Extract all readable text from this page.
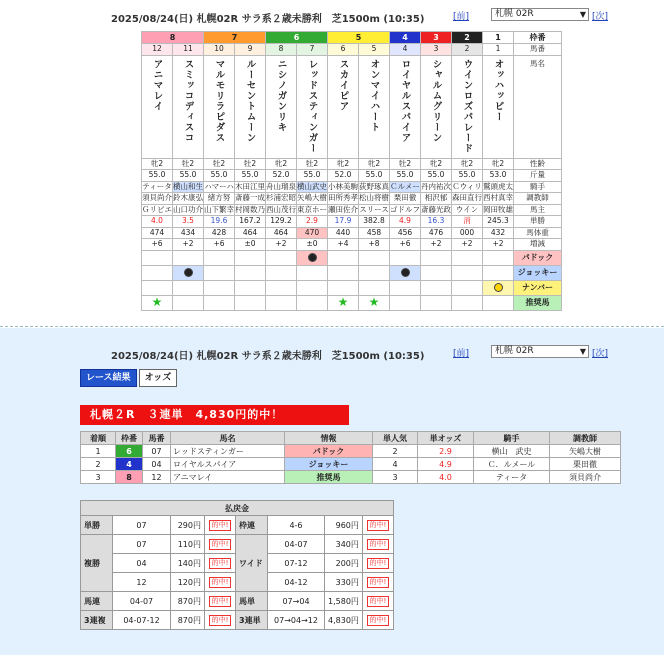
2025/08/24(日) 札幌02R サラ系２歳未勝利　芝1500m (10:35)	[前]	札幌 02R	▼ [次]
8		7		6		5		4	3	2	1	枠番
12	11	10	9	8	7	6	5	4	3	2	1	馬番
アニマレイ	スミッコディスコ	マルモリラピダス	ルーセントムーン	ニシノガンリキ	レッドスティンガー	スカイピア	オンマイハート	ロイヤルスパイア	シャルムグリーン	ウインロズパレード	オッハッピー	馬名
牝2	牡2	牡2	牡2	牝2	牡2	牝2	牝2	牡2	牝2	牝2	牝2	性齢
55.0	55.0	55.0	55.0	52.0	55.0	52.0	55.0	55.0	55.0	55.0	53.0	斤量
ティータ	横山和生	ハマーハ	木田江里	舟山瑠泉	横山武史	小林美駒	荻野琢真	Ｃルメー	丹内祐次	Ｃウィリ	鷲頭虎太	騎手
須貝尚介	鈴木康弘	緒方努	斎藤一成	杉浦宏昭	矢嶋大樹	田所秀孝	松山将樹	栗田徹	相沢郁	森田直行	西村真幸	調教師
Ｇリビエ	山口功介	山下繁幸	村岡数乃	西山茂行	東京ホー	瀬田佐介	スリース	ゴドルフ	斎藤光政	ウイン	岡田牧雄	馬主
4.0	3.5	19.6	167.2	129.2	2.9	17.9	382.8	4.9	16.3	消	245.3	単勝
474	434	428	464	464	470	440	458	456	476	000	432	馬体重
+6	+2	+6	±0	+2	±0	+4	+8	+6	+2	+2	+2	増減
												パドック
												ジョッキー
												ナンバー
★						★	★					推奨馬
2025/08/24(日) 札幌02R サラ系２歳未勝利　芝1500m (10:35)	[前]	札幌 02R	▼ [次]
レース結果	オッズ
札幌２R　３連単　4,830円的中！
着順	枠番	馬番	馬名	情報	単人気	単オッズ	騎手	調教師
1	6	07	レッドスティンガー	パドック	2	2.9	横山　武史	矢嶋大樹
2	4	04	ロイヤルスパイア	ジョッキー	4	4.9	Ｃ．ルメール	栗田徹
3	8	12	アニマレイ	推奨馬	3	4.0	ティータ	須貝尚介
払戻金							
単勝	07	290円	的中!	枠連	4-6	960円	的中!
複勝	07	110円	的中!	ワイド	04-07	340円	的中!
	04	140円	的中!		07-12	200円	的中!
	12	120円	的中!		04-12	330円	的中!
馬連	04-07	870円	的中!	馬単	07→04	1,580円	的中!
3連複	04-07-12	870円	的中!	3連単	07→04→12	4,830円	的中!
